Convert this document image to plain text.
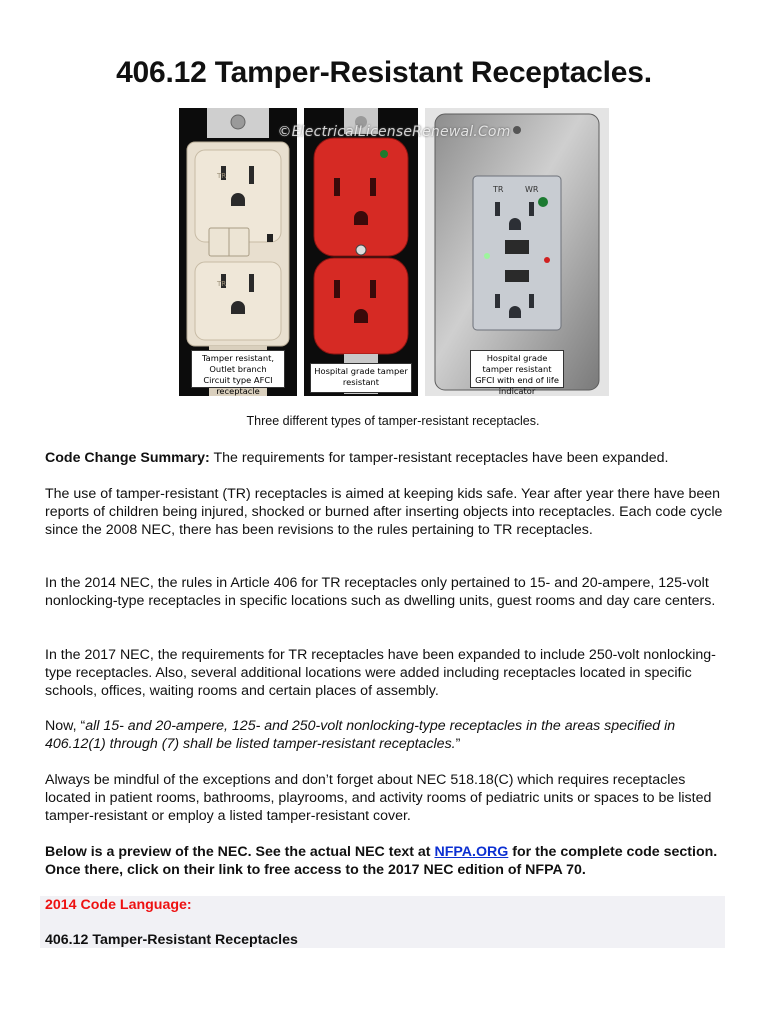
406.12 Tamper-Resistant Receptacles.
TR
TR
Tamper resistant, Outlet branch Circuit type AFCI receptacle
Hospital grade tamper resistant
TR	WR
Hospital grade tamper resistant GFCI with end of life indicator
©ElectricalLicenseRenewal.Com
Three different types of tamper-resistant receptacles.

Code Change Summary: The requirements for tamper-resistant receptacles have been expanded.

The use of tamper-resistant (TR) receptacles is aimed at keeping kids safe. Year after year there have been reports of children being injured, shocked or burned after inserting objects into receptacles. Each code cycle since the 2008 NEC, there has been revisions to the rules pertaining to TR receptacles.

In the 2014 NEC, the rules in Article 406 for TR receptacles only pertained to 15- and 20-ampere, 125-volt nonlocking-type receptacles in specific locations such as dwelling units, guest rooms and day care centers.

In the 2017 NEC, the requirements for TR receptacles have been expanded to include 250-volt nonlocking-type receptacles. Also, several additional locations were added including receptacles located in specific schools, offices, waiting rooms and certain places of assembly.

Now, “all 15- and 20-ampere, 125- and 250-volt nonlocking-type receptacles in the areas specified in 406.12(1) through (7) shall be listed tamper-resistant receptacles.”

Always be mindful of the exceptions and don’t forget about NEC 518.18(C) which requires receptacles located in patient rooms, bathrooms, playrooms, and activity rooms of pediatric units or spaces to be listed tamper-resistant or employ a listed tamper-resistant cover.

Below is a preview of the NEC. See the actual NEC text at NFPA.ORG for the complete code section. Once there, click on their link to free access to the 2017 NEC edition of NFPA 70.

2014 Code Language:
406.12 Tamper-Resistant Receptacles
